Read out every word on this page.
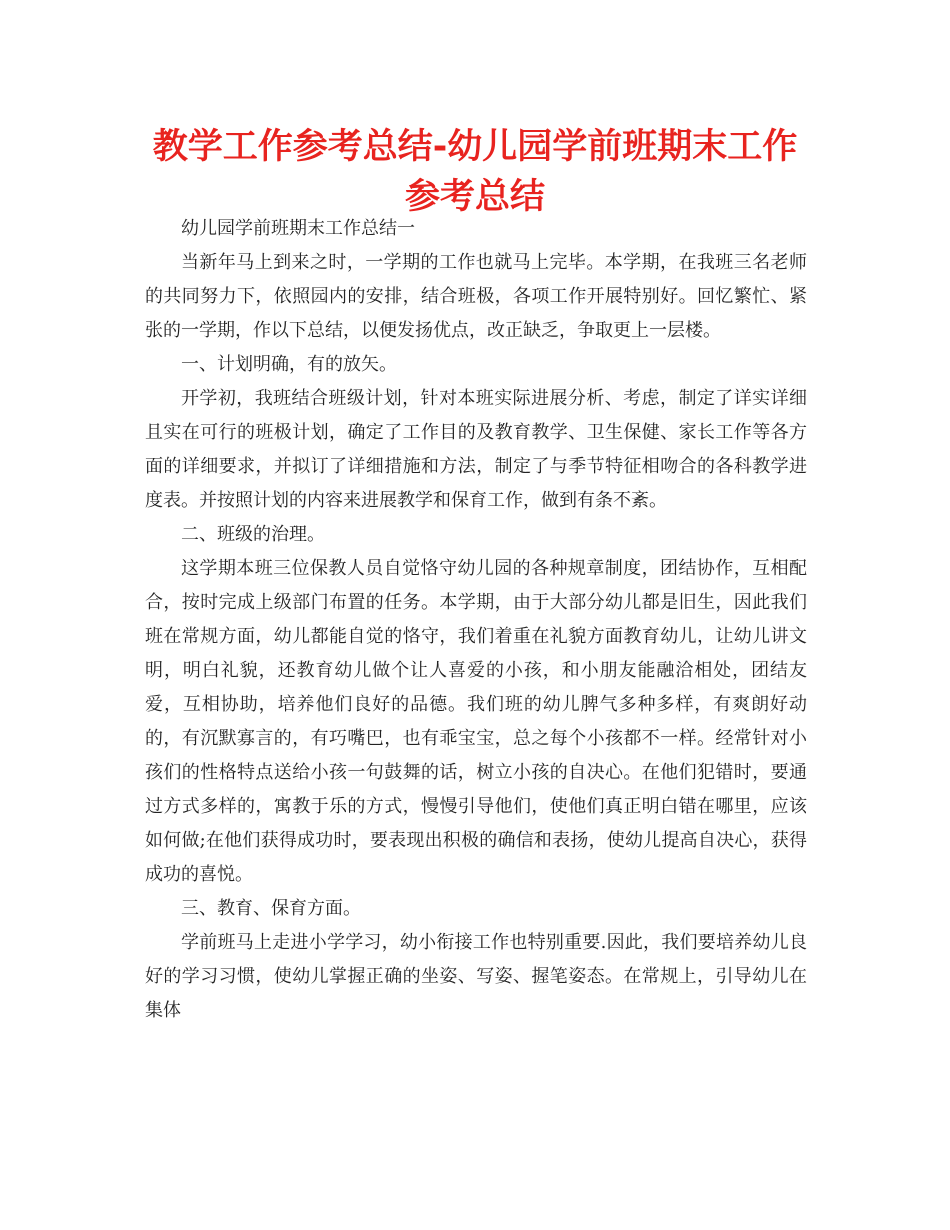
教学工作参考总结-幼儿园学前班期末工作参考总结

幼儿园学前班期末工作总结一

当新年马上到来之时，一学期的工作也就马上完毕。本学期，在我班三名老师的共同努力下，依照园内的安排，结合班极，各项工作开展特别好。回忆繁忙、紧张的一学期，作以下总结，以便发扬优点，改正缺乏，争取更上一层楼。

一、计划明确，有的放矢。

开学初，我班结合班级计划，针对本班实际进展分析、考虑，制定了详实详细且实在可行的班极计划，确定了工作目的及教育教学、卫生保健、家长工作等各方面的详细要求，并拟订了详细措施和方法，制定了与季节特征相吻合的各科教学进度表。并按照计划的内容来进展教学和保育工作，做到有条不紊。

二、班级的治理。

这学期本班三位保教人员自觉恪守幼儿园的各种规章制度，团结协作，互相配合，按时完成上级部门布置的任务。本学期，由于大部分幼儿都是旧生，因此我们班在常规方面，幼儿都能自觉的恪守，我们着重在礼貌方面教育幼儿，让幼儿讲文明，明白礼貌，还教育幼儿做个让人喜爱的小孩，和小朋友能融洽相处，团结友爱，互相协助，培养他们良好的品德。我们班的幼儿脾气多种多样，有爽朗好动的，有沉默寡言的，有巧嘴巴，也有乖宝宝，总之每个小孩都不一样。经常针对小孩们的性格特点送给小孩一句鼓舞的话，树立小孩的自决心。在他们犯错时，要通过方式多样的，寓教于乐的方式，慢慢引导他们，使他们真正明白错在哪里，应该如何做;在他们获得成功时，要表现出积极的确信和表扬，使幼儿提高自决心，获得成功的喜悦。

三、教育、保育方面。

学前班马上走进小学学习，幼小衔接工作也特别重要.因此，我们要培养幼儿良好的学习习惯，使幼儿掌握正确的坐姿、写姿、握笔姿态。在常规上，引导幼儿在集体
